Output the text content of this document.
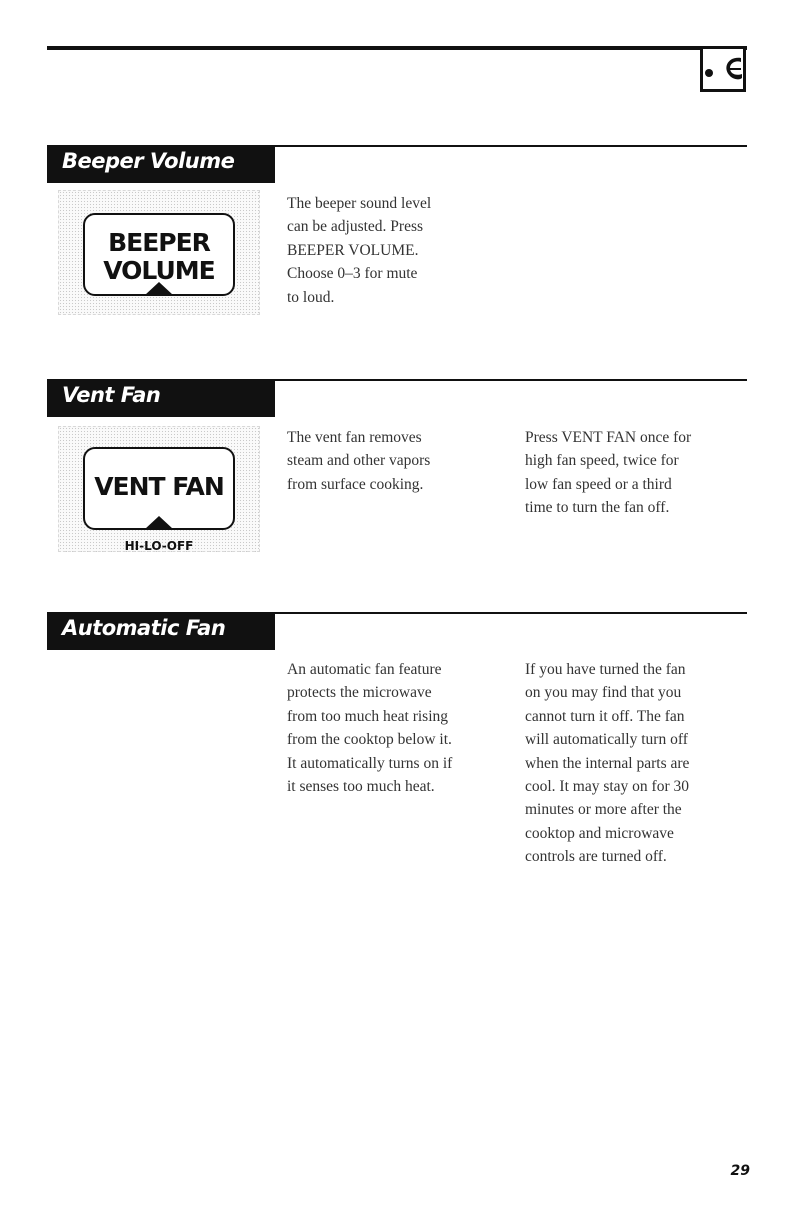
Beeper Volume
BEEPER
VOLUME
The beeper sound level
can be adjusted. Press
BEEPER VOLUME.
Choose 0–3 for mute
to loud.
Vent Fan
VENT FAN
HI-LO-OFF
The vent fan removes
steam and other vapors
from surface cooking.
Press VENT FAN once for
high fan speed, twice for
low fan speed or a third
time to turn the fan off.
Automatic Fan
An automatic fan feature
protects the microwave
from too much heat rising
from the cooktop below it.
It automatically turns on if
it senses too much heat.
If you have turned the fan
on you may find that you
cannot turn it off. The fan
will automatically turn off
when the internal parts are
cool. It may stay on for 30
minutes or more after the
cooktop and microwave
controls are turned off.
29
